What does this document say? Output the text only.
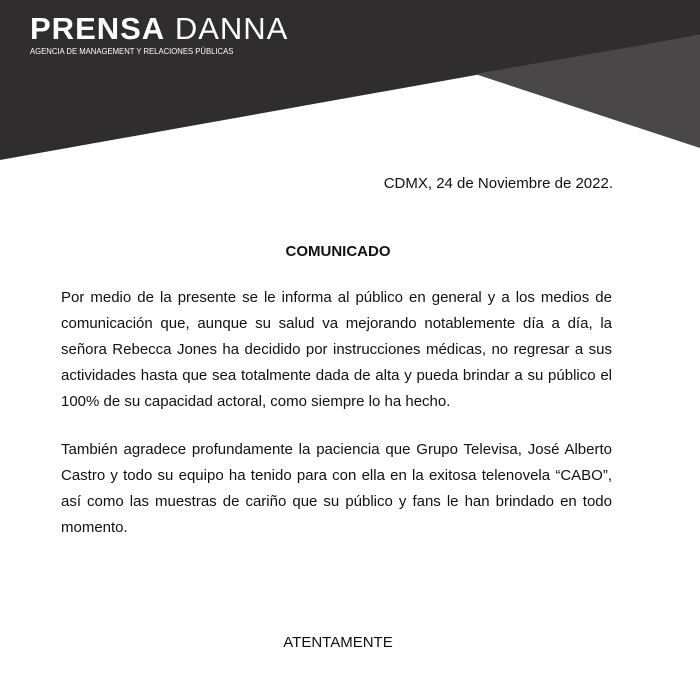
PRENSA DANNA
AGENCIA DE MANAGEMENT Y RELACIONES PÚBLICAS
CDMX, 24 de Noviembre de 2022.
COMUNICADO

Por medio de la presente se le informa al público en general y a los medios de comunicación que, aunque su salud va mejorando notablemente día a día, la señora Rebecca Jones ha decidido por instrucciones médicas, no regresar a sus actividades hasta que sea totalmente dada de alta y pueda brindar a su público el 100% de su capacidad actoral, como siempre lo ha hecho.

También agradece profundamente la paciencia que Grupo Televisa, José Alberto Castro y todo su equipo ha tenido para con ella en la exitosa telenovela “CABO”, así como las muestras de cariño que su público y fans le han brindado en todo momento.

ATENTAMENTE
